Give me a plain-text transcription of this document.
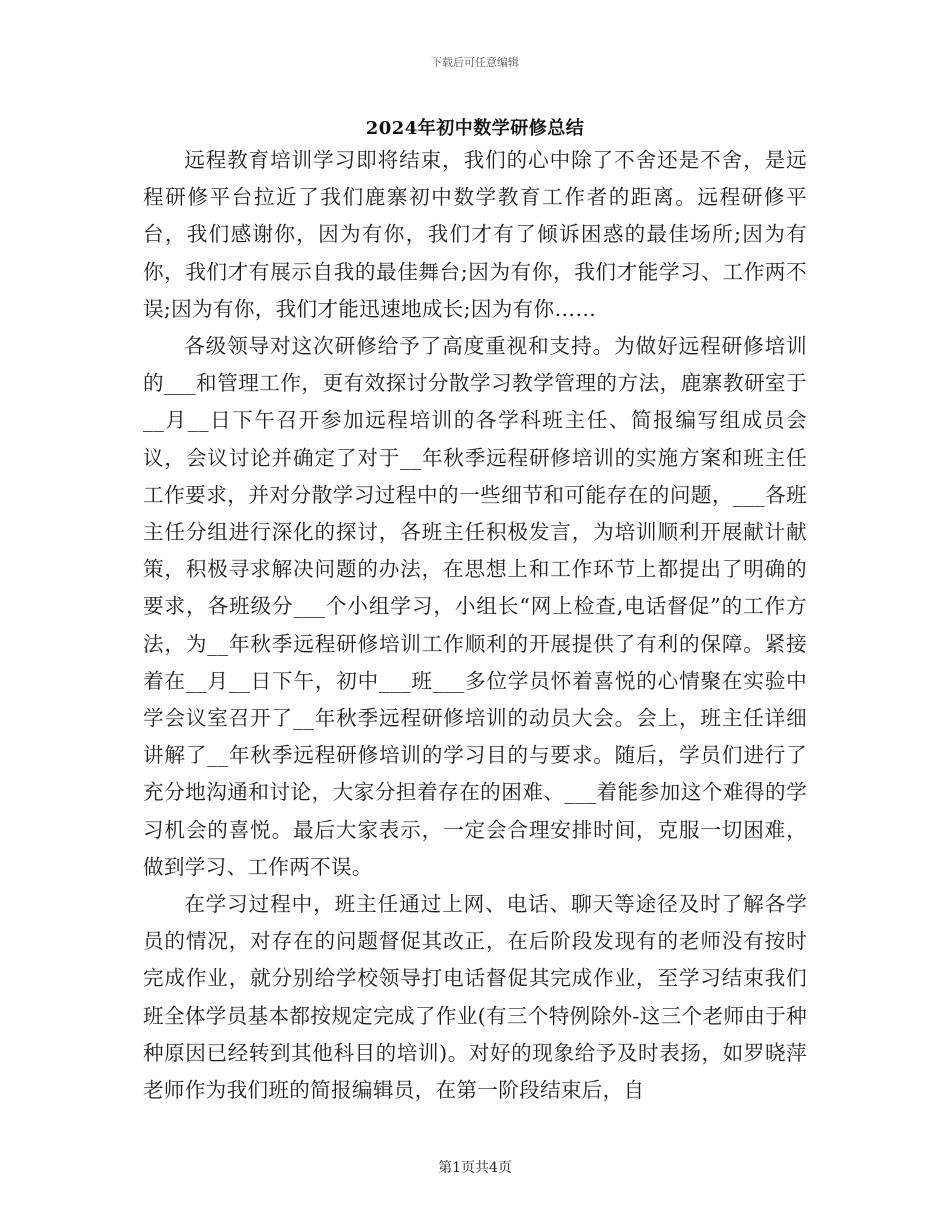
下载后可任意编辑
2024年初中数学研修总结

远程教育培训学习即将结束，我们的心中除了不舍还是不舍，是远程研修平台拉近了我们鹿寨初中数学教育工作者的距离。远程研修平台，我们感谢你，因为有你，我们才有了倾诉困惑的最佳场所;因为有你，我们才有展示自我的最佳舞台;因为有你，我们才能学习、工作两不误;因为有你，我们才能迅速地成长;因为有你……

各级领导对这次研修给予了高度重视和支持。为做好远程研修培训的___和管理工作，更有效探讨分散学习教学管理的方法，鹿寨教研室于__月__日下午召开参加远程培训的各学科班主任、简报编写组成员会议，会议讨论并确定了对于__年秋季远程研修培训的实施方案和班主任工作要求，并对分散学习过程中的一些细节和可能存在的问题，___各班主任分组进行深化的探讨，各班主任积极发言，为培训顺利开展献计献策，积极寻求解决问题的办法，在思想上和工作环节上都提出了明确的要求，各班级分___个小组学习，小组长“网上检查,电话督促”的工作方法，为__年秋季远程研修培训工作顺利的开展提供了有利的保障。紧接着在__月__日下午，初中___班___多位学员怀着喜悦的心情聚在实验中学会议室召开了__年秋季远程研修培训的动员大会。会上，班主任详细讲解了__年秋季远程研修培训的学习目的与要求。随后，学员们进行了充分地沟通和讨论，大家分担着存在的困难、___着能参加这个难得的学习机会的喜悦。最后大家表示，一定会合理安排时间，克服一切困难，做到学习、工作两不误。

在学习过程中，班主任通过上网、电话、聊天等途径及时了解各学员的情况，对存在的问题督促其改正，在后阶段发现有的老师没有按时完成作业，就分别给学校领导打电话督促其完成作业，至学习结束我们班全体学员基本都按规定完成了作业(有三个特例除外-这三个老师由于种种原因已经转到其他科目的培训)。对好的现象给予及时表扬，如罗晓萍老师作为我们班的简报编辑员，在第一阶段结束后，自

第1页共4页
